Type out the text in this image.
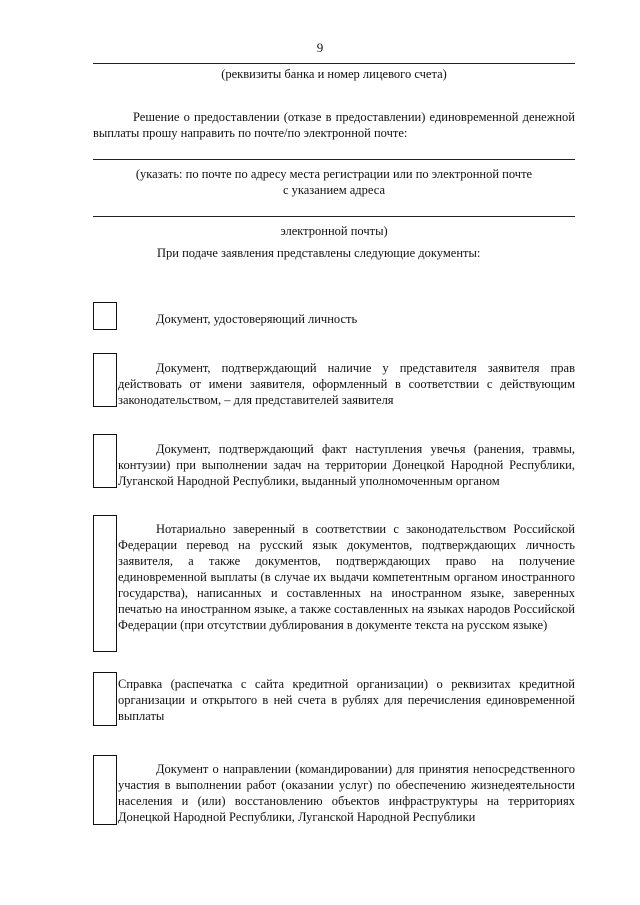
9
(реквизиты банка и номер лицевого счета)
Решение о предоставлении (отказе в предоставлении) единовременной денежной выплаты прошу направить по почте/по электронной почте:
(указать: по почте по адресу места регистрации или по электронной почте
с указанием адреса
электронной почты)
При подаче заявления представлены следующие документы:
Документ, удостоверяющий личность
Документ, подтверждающий наличие у представителя заявителя прав действовать от имени заявителя, оформленный в соответствии с действующим законодательством, – для представителей заявителя
Документ, подтверждающий факт наступления увечья (ранения, травмы, контузии) при выполнении задач на территории Донецкой Народной Республики, Луганской Народной Республики, выданный уполномоченным органом
Нотариально заверенный в соответствии с законодательством Российской Федерации перевод на русский язык документов, подтверждающих личность заявителя, а также документов, подтверждающих право на получение единовременной выплаты (в случае их выдачи компетентным органом иностранного государства), написанных и составленных на иностранном языке, заверенных печатью на иностранном языке, а также составленных на языках народов Российской Федерации (при отсутствии дублирования в документе текста на русском языке)
Справка (распечатка с сайта кредитной организации) о реквизитах кредитной организации и открытого в ней счета в рублях для перечисления единовременной выплаты
Документ о направлении (командировании) для принятия непосредственного участия в выполнении работ (оказании услуг) по обеспечению жизнедеятельности населения и (или) восстановлению объектов инфраструктуры на территориях Донецкой Народной Республики, Луганской Народной Республики
